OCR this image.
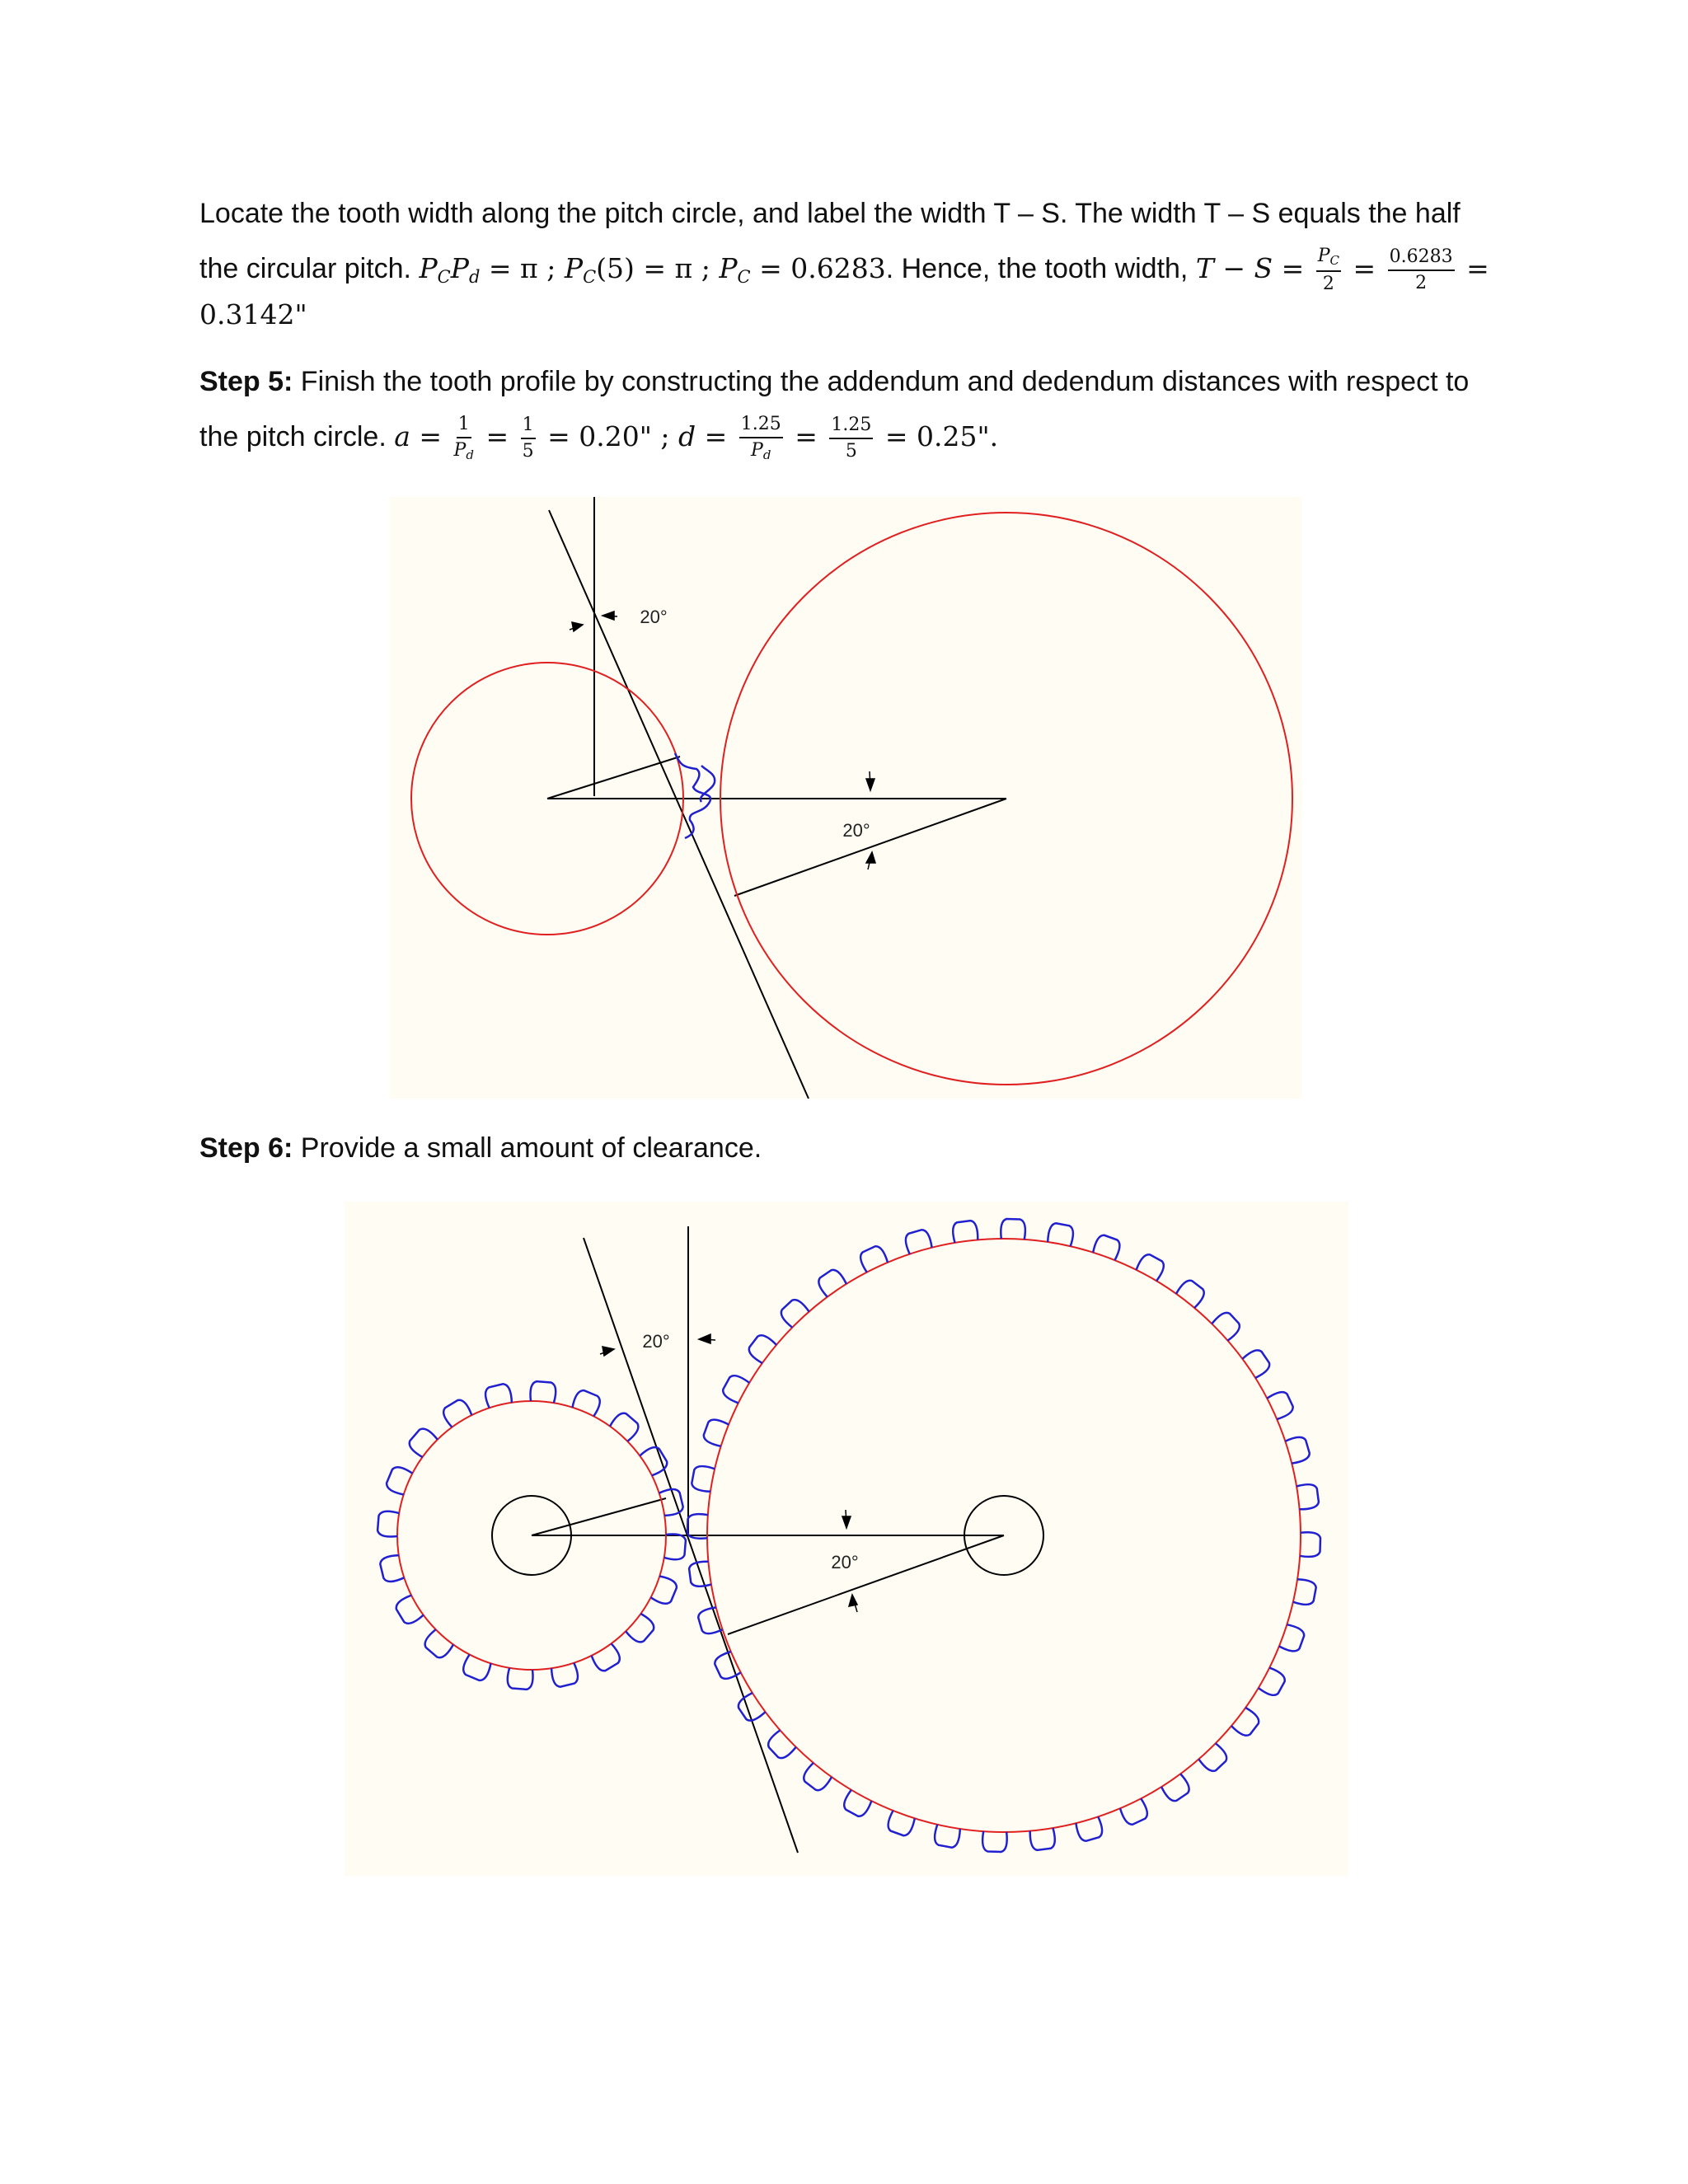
Locate the tooth width along the pitch circle, and label the width T – S. The width T – S equals the half
the circular pitch. $P_CP_d = \pi$ ; $P_C(5) = \pi$ ; $P_C = 0.6283$. Hence, the tooth width, $T - S = \frac{P_C}{2} = \frac{0.6283}{2}$ =
0.3142"
Step 5: Finish the tooth profile by constructing the addendum and dedendum distances with respect to
the pitch circle. $a = \frac{1}{P_d} = \frac{1}{5} = 0.20$" ; $d = \frac{1.25}{P_d} = \frac{1.25}{5} = 0.25$".
20°
20°
Step 6: Provide a small amount of clearance.
20°
20°
